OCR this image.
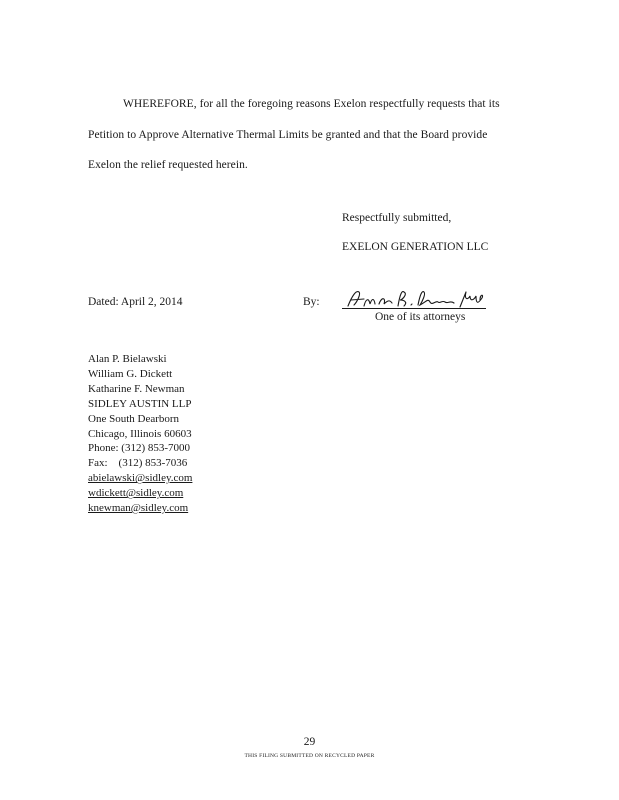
WHEREFORE, for all the foregoing reasons Exelon respectfully requests that its
Petition to Approve Alternative Thermal Limits be granted and that the Board provide
Exelon the relief requested herein.
Respectfully submitted,
EXELON GENERATION LLC
Dated: April 2, 2014	By:
One of its attorneys
Alan P. Bielawski
William G. Dickett
Katharine F. Newman
SIDLEY AUSTIN LLP
One South Dearborn
Chicago, Illinois 60603
Phone: (312) 853-7000
Fax:    (312) 853-7036
abielawski@sidley.com
wdickett@sidley.com
knewman@sidley.com
29
THIS FILING SUBMITTED ON RECYCLED PAPER
